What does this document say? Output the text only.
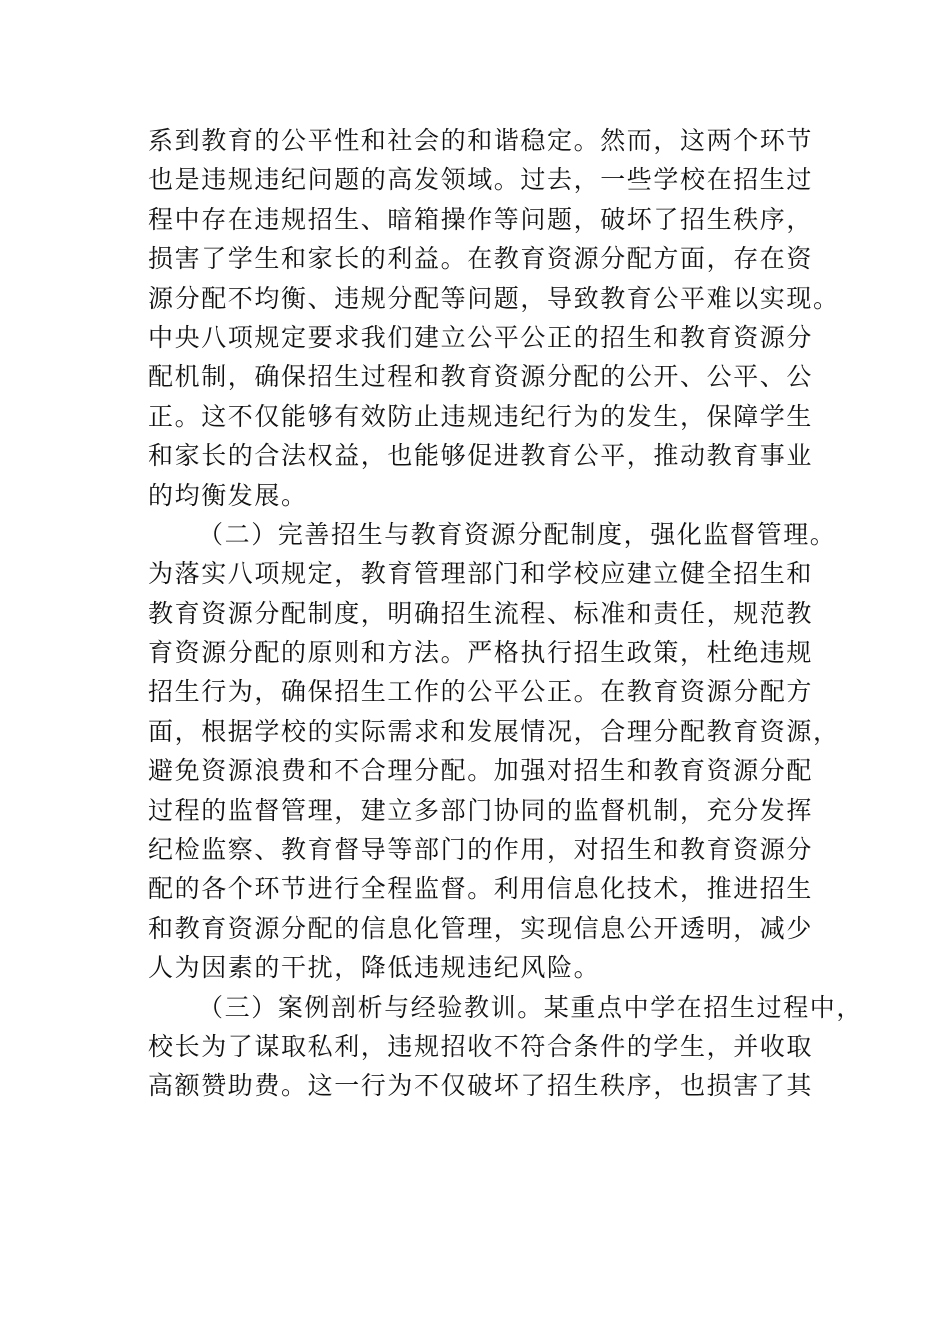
系到教育的公平性和社会的和谐稳定。然而，这两个环节
也是违规违纪问题的高发领域。过去，一些学校在招生过
程中存在违规招生、暗箱操作等问题，破坏了招生秩序，
损害了学生和家长的利益。在教育资源分配方面，存在资
源分配不均衡、违规分配等问题，导致教育公平难以实现。
中央八项规定要求我们建立公平公正的招生和教育资源分
配机制，确保招生过程和教育资源分配的公开、公平、公
正。这不仅能够有效防止违规违纪行为的发生，保障学生
和家长的合法权益，也能够促进教育公平，推动教育事业
的均衡发展。
（二）完善招生与教育资源分配制度，强化监督管理。
为落实八项规定，教育管理部门和学校应建立健全招生和
教育资源分配制度，明确招生流程、标准和责任，规范教
育资源分配的原则和方法。严格执行招生政策，杜绝违规
招生行为，确保招生工作的公平公正。在教育资源分配方
面，根据学校的实际需求和发展情况，合理分配教育资源，
避免资源浪费和不合理分配。加强对招生和教育资源分配
过程的监督管理，建立多部门协同的监督机制，充分发挥
纪检监察、教育督导等部门的作用，对招生和教育资源分
配的各个环节进行全程监督。利用信息化技术，推进招生
和教育资源分配的信息化管理，实现信息公开透明，减少
人为因素的干扰，降低违规违纪风险。
（三）案例剖析与经验教训。某重点中学在招生过程中，
校长为了谋取私利，违规招收不符合条件的学生，并收取
高额赞助费。这一行为不仅破坏了招生秩序，也损害了其
